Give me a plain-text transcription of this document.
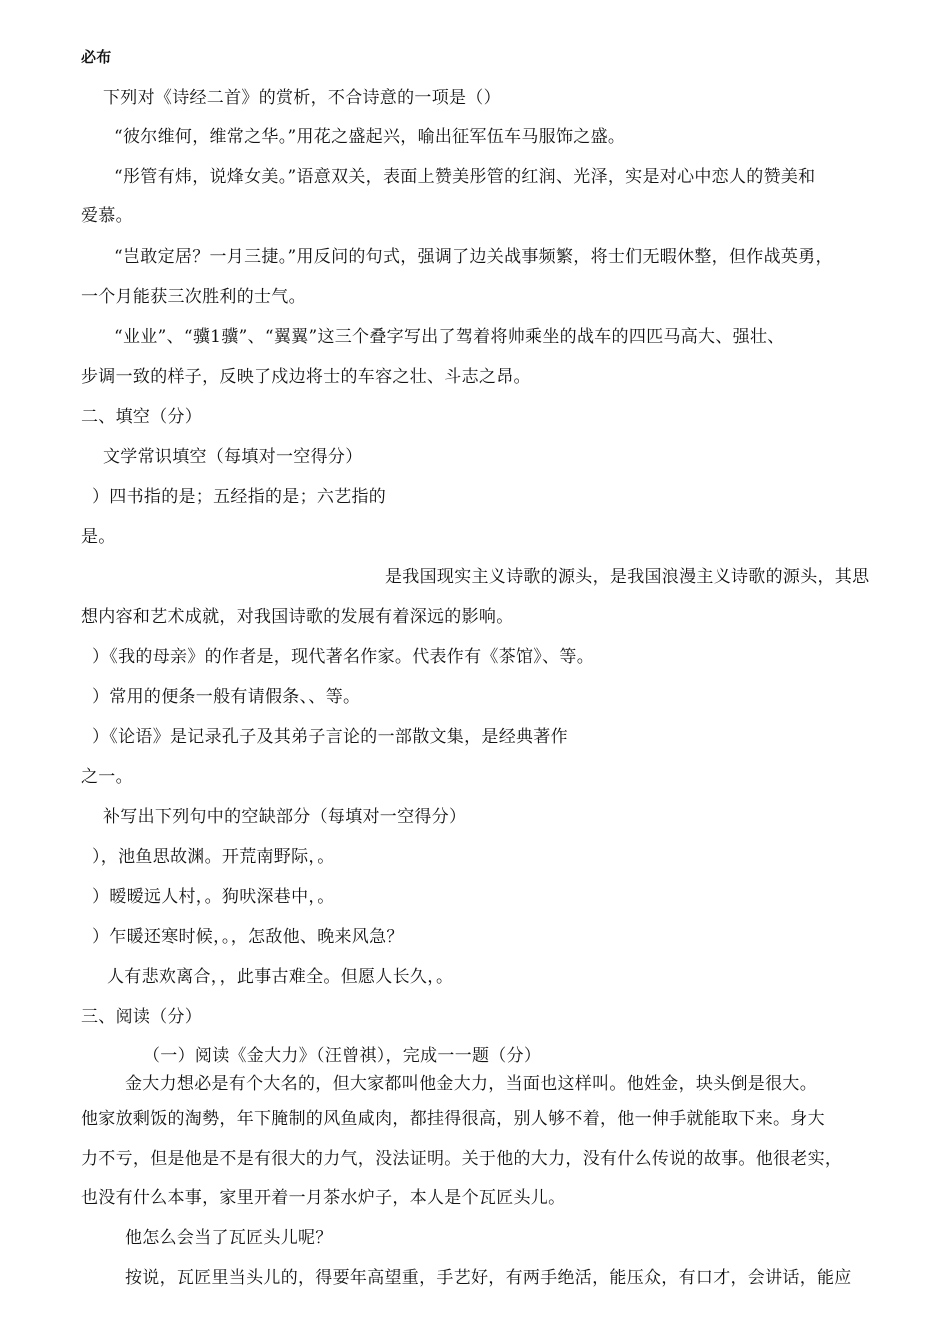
必布
下列对《诗经二首》的赏析，不合诗意的一项是（）
“彼尔维何，维常之华。”用花之盛起兴，喻出征军伍车马服饰之盛。
“彤管有炜，说烽女美。”语意双关，表面上赞美彤管的红润、光泽，实是对心中恋人的赞美和
爱慕。
“岂敢定居？一月三捷。”用反问的句式，强调了边关战事频繁，将士们无暇休整，但作战英勇，
一个月能获三次胜利的士气。
“业业”、“骥1骥”、“翼翼”这三个叠字写出了驾着将帅乘坐的战车的四匹马高大、强壮、
步调一致的样子，反映了戍边将士的车容之壮、斗志之昂。
二、填空（分）
文学常识填空（每填对一空得分）
）四书指的是；五经指的是；六艺指的
是。
是我国现实主义诗歌的源头，是我国浪漫主义诗歌的源头，其思
想内容和艺术成就，对我国诗歌的发展有着深远的影响。
）《我的母亲》的作者是，现代著名作家。代表作有《茶馆》、等。
）常用的便条一般有请假条、、等。
）《论语》是记录孔子及其弟子言论的一部散文集，是经典著作
之一。
补写出下列句中的空缺部分（每填对一空得分）
），池鱼思故渊。开荒南野际，。
）暧暧远人村，。狗吠深巷中，。
）乍暖还寒时候，。，怎敌他、晚来风急？
人有悲欢离合，，此事古难全。但愿人长久，。
三、阅读（分）
（一）阅读《金大力》（汪曾祺），完成一一题（分）
金大力想必是有个大名的，但大家都叫他金大力，当面也这样叫。他姓金，块头倒是很大。
他家放剩饭的淘勢，年下腌制的风鱼咸肉，都挂得很高，别人够不着，他一伸手就能取下来。身大
力不亏，但是他是不是有很大的力气，没法证明。关于他的大力，没有什么传说的故事。他很老实，
也没有什么本事，家里开着一月茶水炉子，本人是个瓦匠头儿。
他怎么会当了瓦匠头儿呢？
按说，瓦匠里当头儿的，得要年高望重，手艺好，有两手绝活，能压众，有口才，会讲话，能应
